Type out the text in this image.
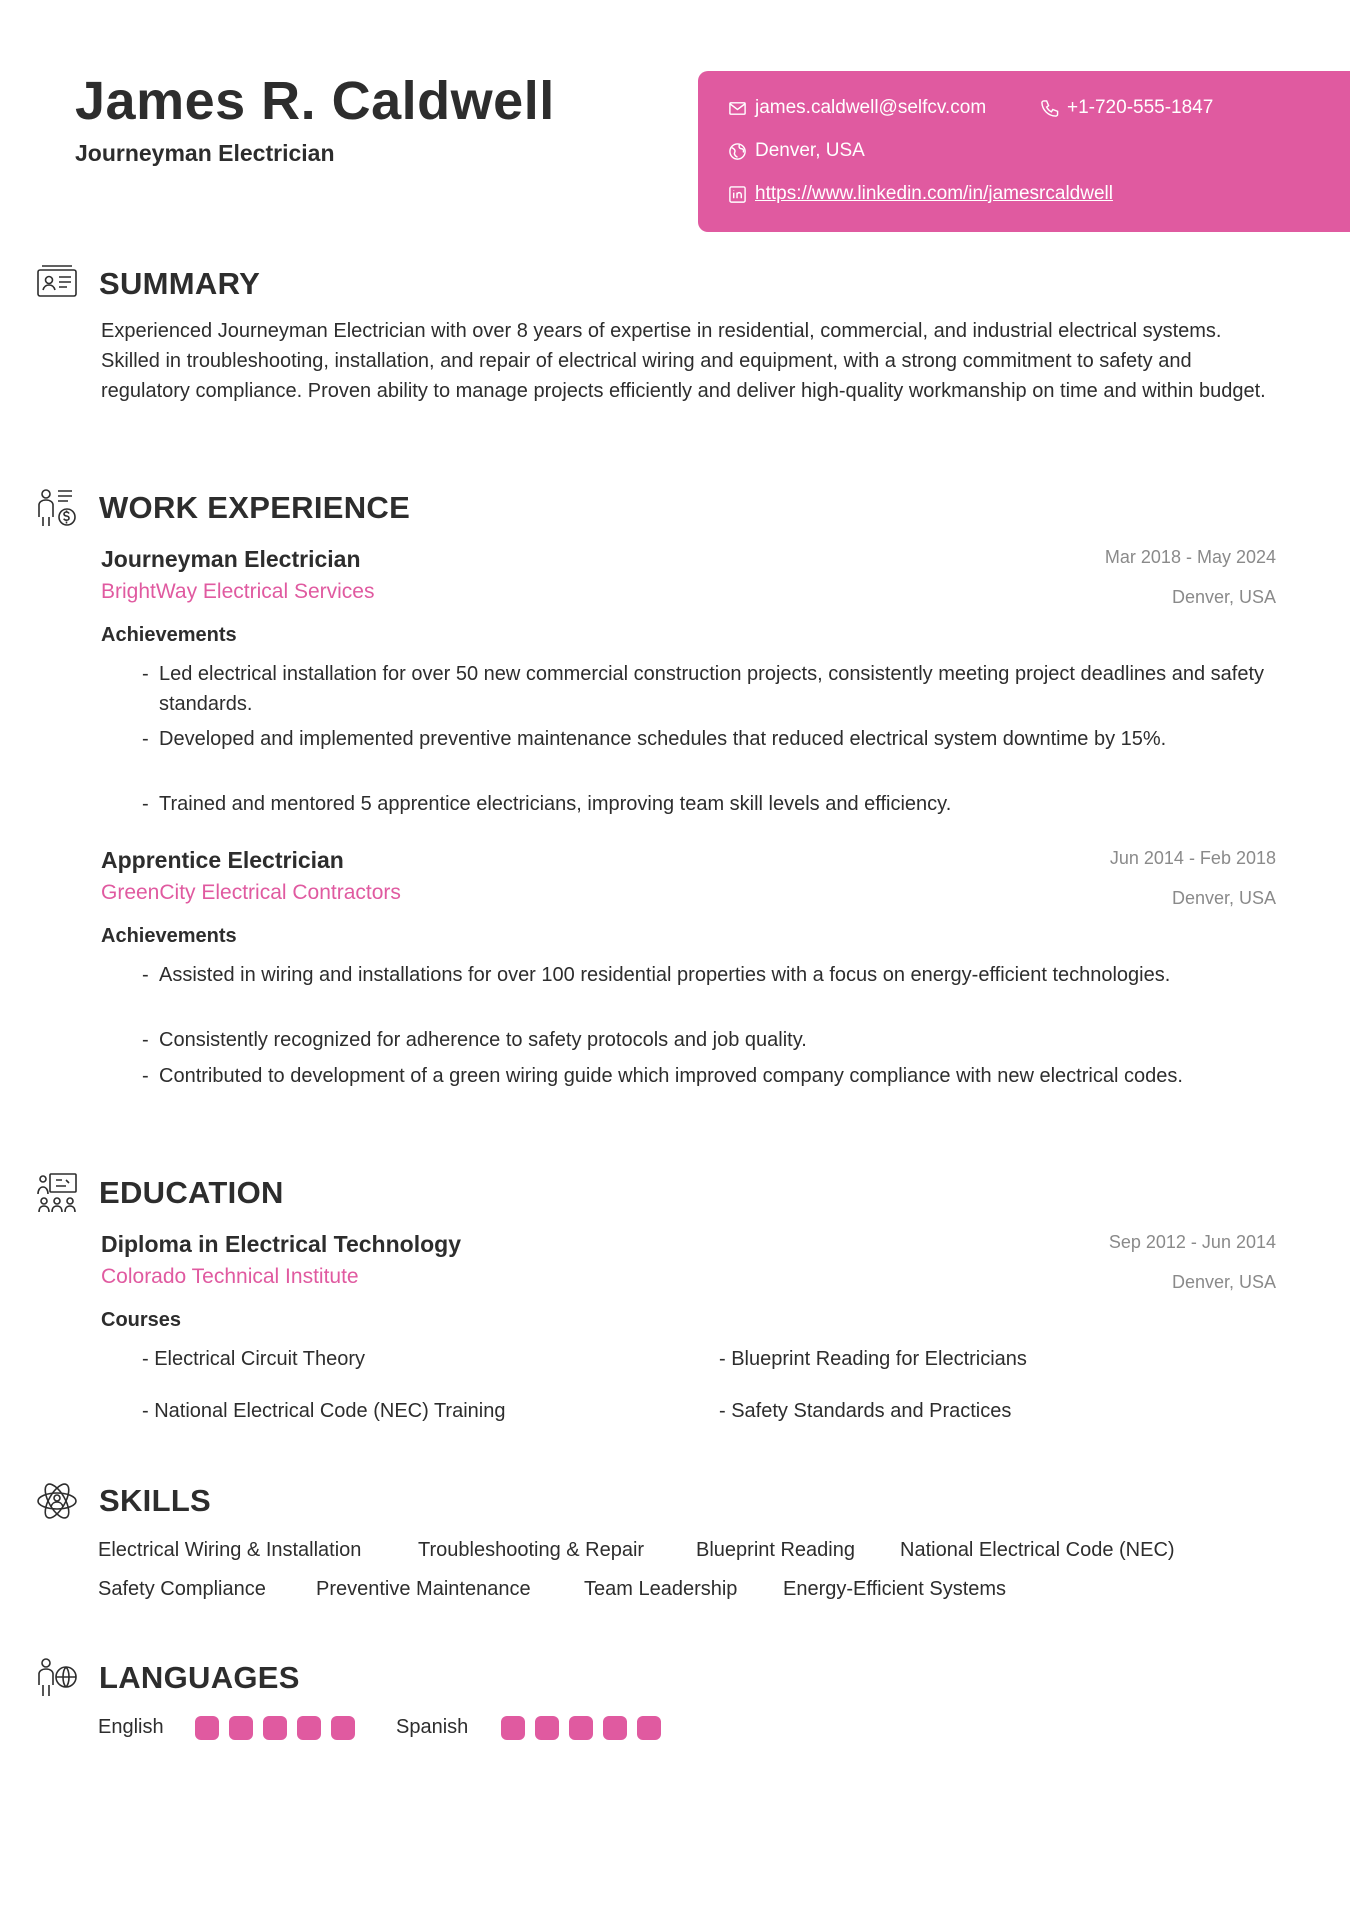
James R. Caldwell
Journeyman Electrician
james.caldwell@selfcv.com	+1-720-555-1847
Denver, USA
https://www.linkedin.com/in/jamesrcaldwell
SUMMARY
Experienced Journeyman Electrician with over 8 years of expertise in residential, commercial, and industrial electrical systems. Skilled in troubleshooting, installation, and repair of electrical wiring and equipment, with a strong commitment to safety and regulatory compliance. Proven ability to manage projects efficiently and deliver high-quality workmanship on time and within budget.
WORK EXPERIENCE
Journeyman Electrician	Mar 2018 - May 2024
BrightWay Electrical Services	Denver, USA
Achievements
- Led electrical installation for over 50 new commercial construction projects, consistently meeting project deadlines and safety standards.
- Developed and implemented preventive maintenance schedules that reduced electrical system downtime by 15%.
- Trained and mentored 5 apprentice electricians, improving team skill levels and efficiency.
Apprentice Electrician	Jun 2014 - Feb 2018
GreenCity Electrical Contractors	Denver, USA
Achievements
- Assisted in wiring and installations for over 100 residential properties with a focus on energy-efficient technologies.
- Consistently recognized for adherence to safety protocols and job quality.
- Contributed to development of a green wiring guide which improved company compliance with new electrical codes.
EDUCATION
Diploma in Electrical Technology	Sep 2012 - Jun 2014
Colorado Technical Institute	Denver, USA
Courses
- Electrical Circuit Theory	- Blueprint Reading for Electricians
- National Electrical Code (NEC) Training	- Safety Standards and Practices
SKILLS
Electrical Wiring & Installation	Troubleshooting & Repair	Blueprint Reading National Electrical Code (NEC)
Safety Compliance	Preventive Maintenance	Team Leadership Energy-Efficient Systems
LANGUAGES
English	Spanish
